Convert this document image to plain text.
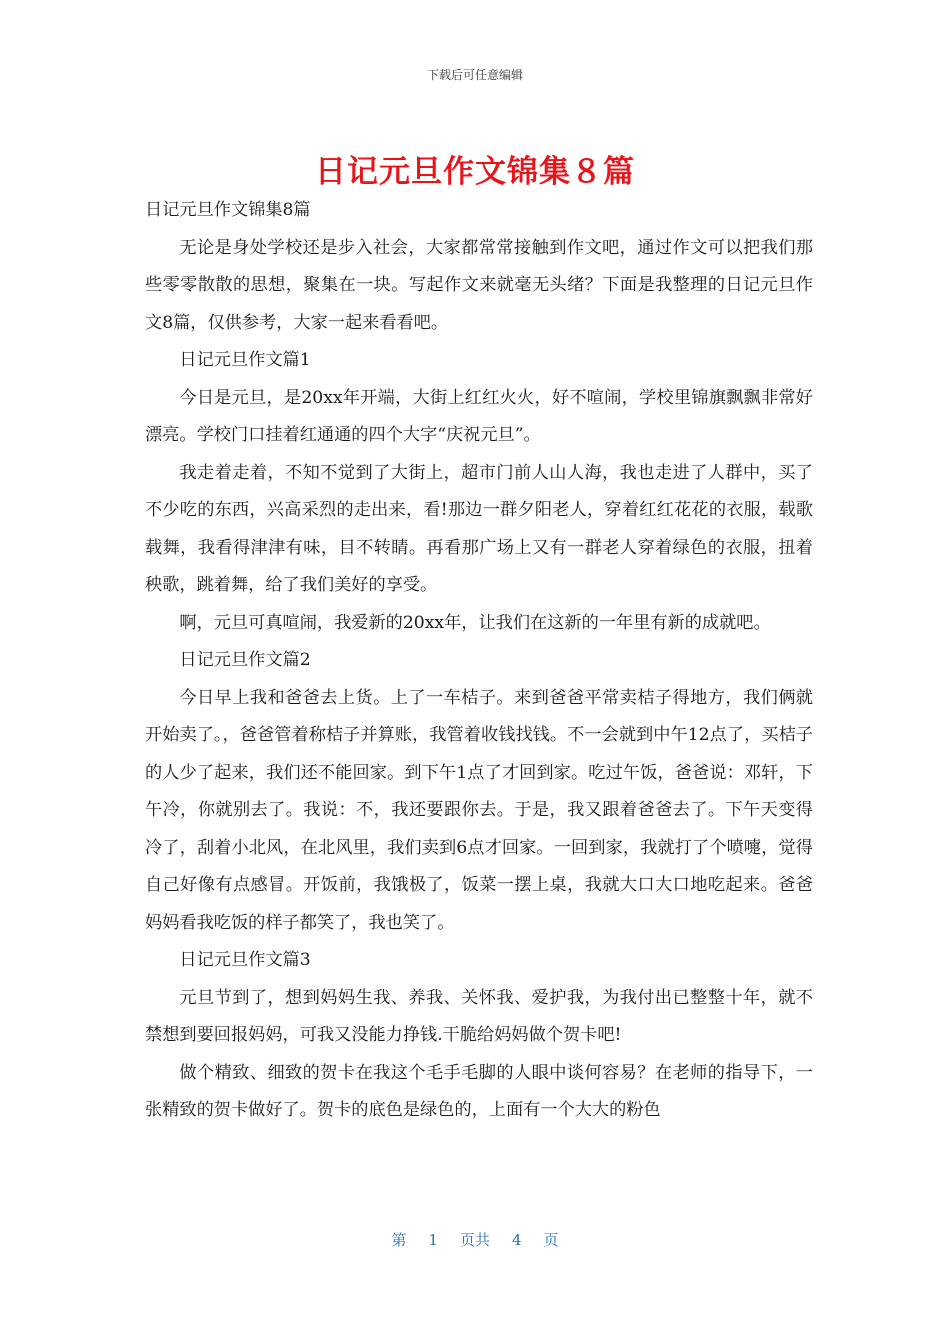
下载后可任意编辑
日记元旦作文锦集８篇

日记元旦作文锦集8篇

无论是身处学校还是步入社会，大家都常常接触到作文吧，通过作文可以把我们那些零零散散的思想，聚集在一块。写起作文来就毫无头绪？下面是我整理的日记元旦作文8篇，仅供参考，大家一起来看看吧。

日记元旦作文篇1

今日是元旦，是20xx年开端，大街上红红火火，好不喧闹，学校里锦旗飘飘非常好漂亮。学校门口挂着红通通的四个大字“庆祝元旦”。

我走着走着，不知不觉到了大街上，超市门前人山人海，我也走进了人群中，买了不少吃的东西，兴高采烈的走出来，看!那边一群夕阳老人，穿着红红花花的衣服，载歌载舞，我看得津津有味，目不转睛。再看那广场上又有一群老人穿着绿色的衣服，扭着秧歌，跳着舞，给了我们美好的享受。

啊，元旦可真喧闹，我爱新的20xx年，让我们在这新的一年里有新的成就吧。

日记元旦作文篇2

今日早上我和爸爸去上货。上了一车桔子。来到爸爸平常卖桔子得地方，我们俩就开始卖了。，爸爸管着称桔子并算账，我管着收钱找钱。不一会就到中午12点了，买桔子的人少了起来，我们还不能回家。到下午1点了才回到家。吃过午饭，爸爸说：邓轩，下午冷，你就别去了。我说：不，我还要跟你去。于是，我又跟着爸爸去了。下午天变得冷了，刮着小北风，在北风里，我们卖到6点才回家。一回到家，我就打了个喷嚏，觉得自己好像有点感冒。开饭前，我饿极了，饭菜一摆上桌，我就大口大口地吃起来。爸爸妈妈看我吃饭的样子都笑了，我也笑了。

日记元旦作文篇3

元旦节到了，想到妈妈生我、养我、关怀我、爱护我，为我付出已整整十年，就不禁想到要回报妈妈，可我又没能力挣钱.干脆给妈妈做个贺卡吧!

做个精致、细致的贺卡在我这个毛手毛脚的人眼中谈何容易？在老师的指导下，一张精致的贺卡做好了。贺卡的底色是绿色的，上面有一个大大的粉色

第 1 页共 4 页
